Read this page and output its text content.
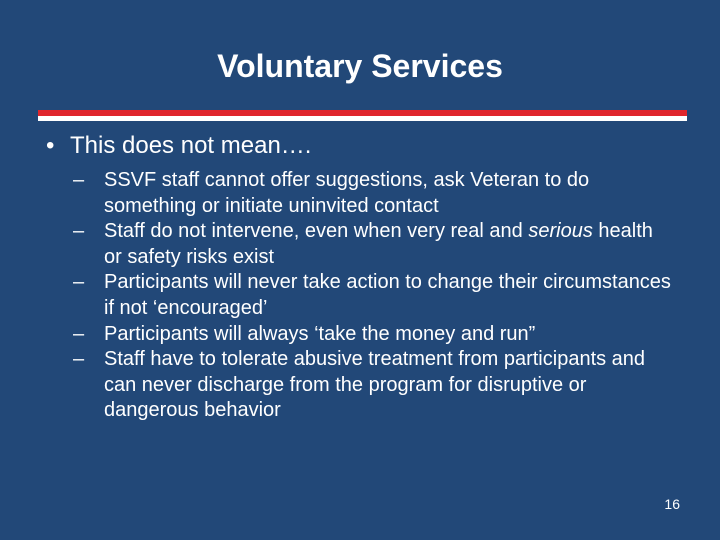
Voluntary Services
• This does not mean….
– SSVF staff cannot offer suggestions, ask Veteran to do something or initiate uninvited contact
– Staff do not intervene, even when very real and serious health or safety risks exist
– Participants will never take action to change their circumstances if not ‘encouraged’
– Participants will always ‘take the money and run”
– Staff have to tolerate abusive treatment from participants and can never discharge from the program for disruptive or dangerous behavior
16
